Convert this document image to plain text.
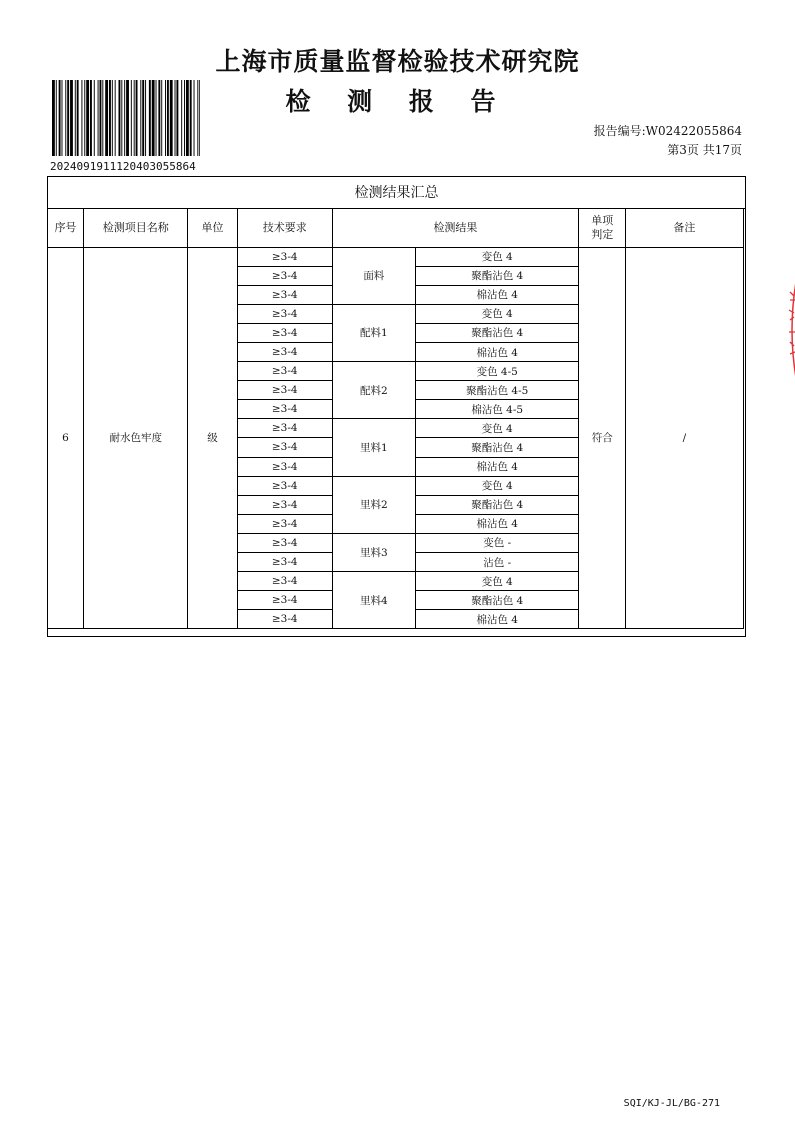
上海市质量监督检验技术研究院
检 测 报 告
20240919111204030558​64
报告编号:W02422055864
第3页 共17页
检测结果汇总
序号	检测项目名称	单位	技术要求	检测结果		单项判定	备注
6	耐水色牢度	级	≥3-4	面料	变色 4	符合	/
			≥3-4		聚酯沾色 4		
			≥3-4		棉沾色 4		
			≥3-4	配料1	变色 4		
			≥3-4		聚酯沾色 4		
			≥3-4		棉沾色 4		
			≥3-4	配料2	变色 4-5		
			≥3-4		聚酯沾色 4-5		
			≥3-4		棉沾色 4-5		
			≥3-4	里料1	变色 4		
			≥3-4		聚酯沾色 4		
			≥3-4		棉沾色 4		
			≥3-4	里料2	变色 4		
			≥3-4		聚酯沾色 4		
			≥3-4		棉沾色 4		
			≥3-4	里料3	变色 -		
			≥3-4		沾色 -		
			≥3-4	里料4	变色 4		
			≥3-4		聚酯沾色 4		
			≥3-4		棉沾色 4		
SQI/KJ-JL/BG-271
